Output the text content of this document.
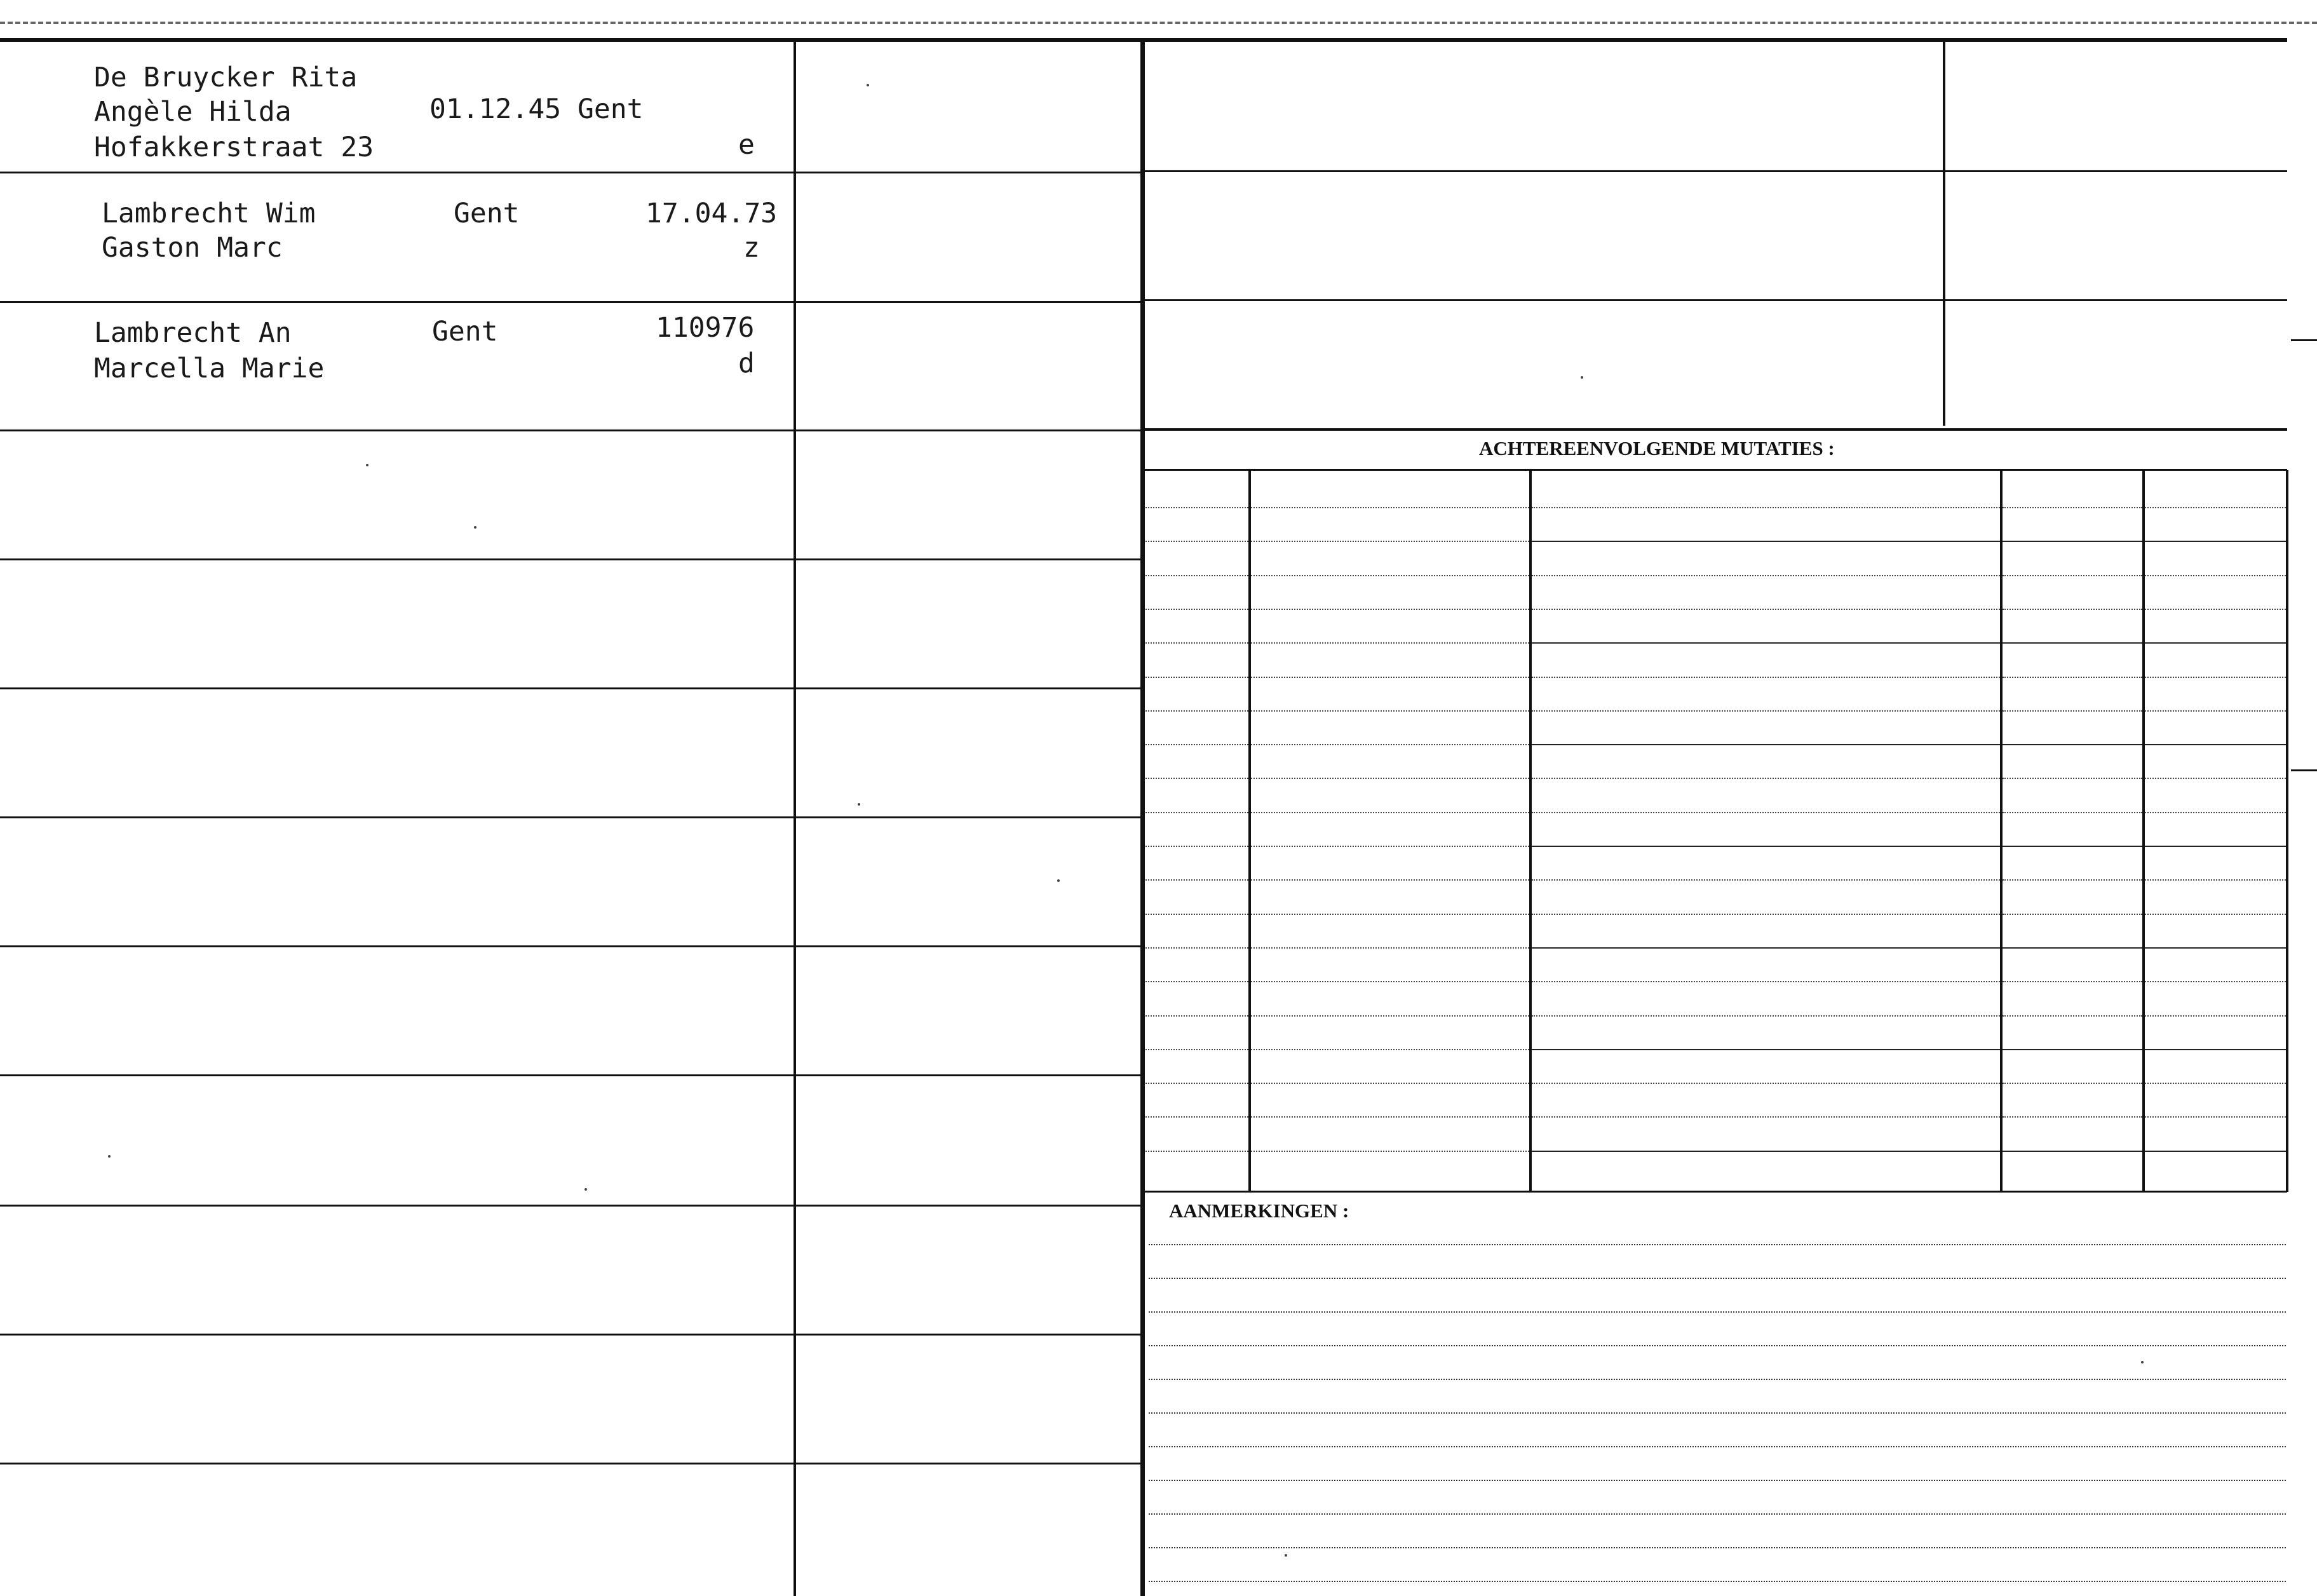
De Bruycker Rita
Angèle Hilda
Hofakkerstraat 23
01.12.45 Gent
e
Lambrecht Wim
Gaston Marc
Gent	17.04.73
z
Lambrecht An
Marcella Marie
Gent	110976
d
ACHTEREENVOLGENDE MUTATIES :
AANMERKINGEN :
